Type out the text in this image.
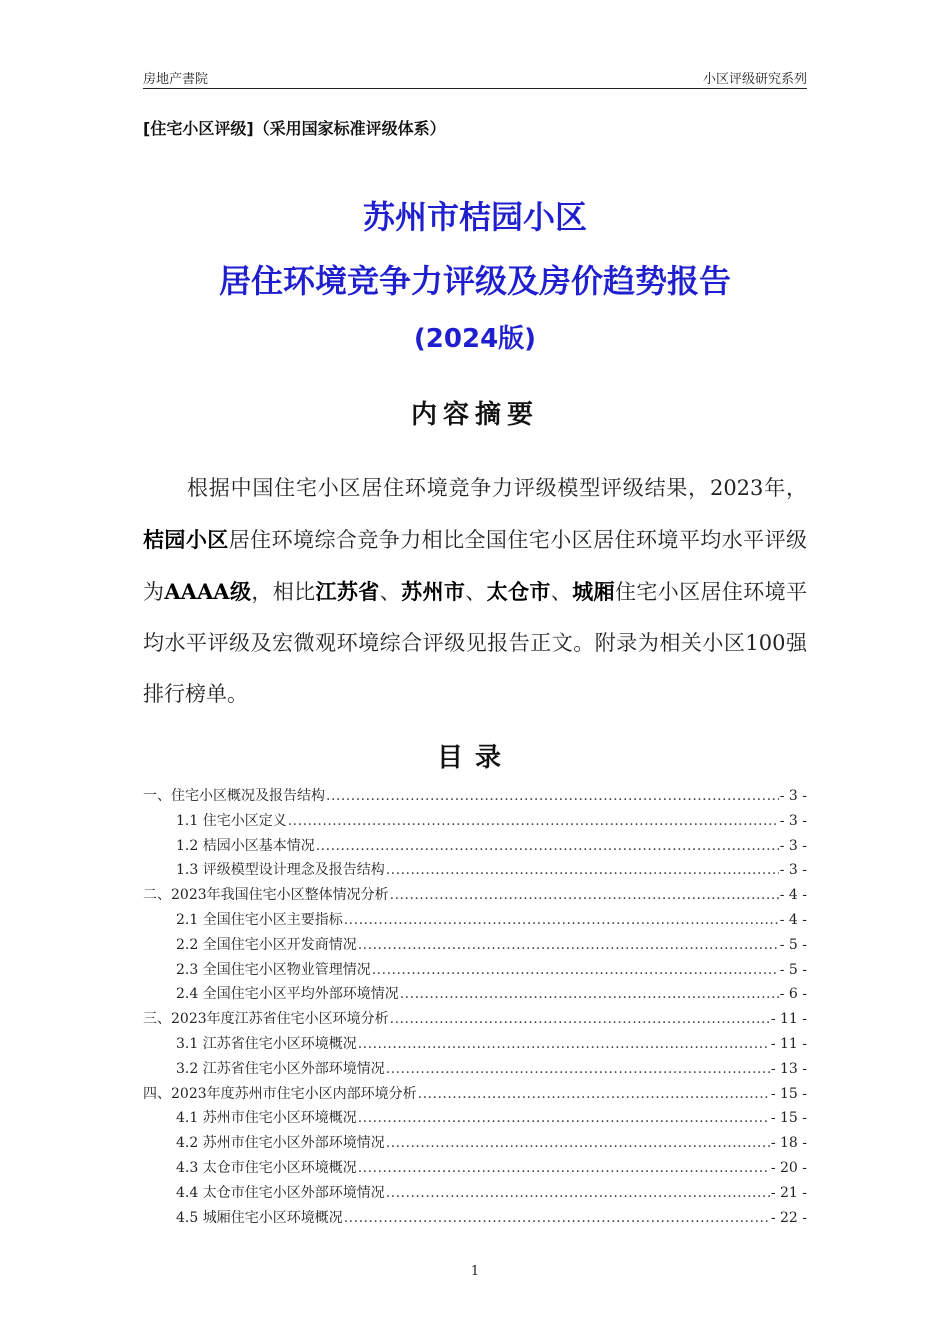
房地产書院	小区评级研究系列
[住宅小区评级]（采用国家标准评级体系）
苏州市桔园小区
居住环境竞争力评级及房价趋势报告
(2024版)
内容摘要

根据中国住宅小区居住环境竞争力评级模型评级结果，2023年，桔园小区居住环境综合竞争力相比全国住宅小区居住环境平均水平评级为AAAA级，相比江苏省、苏州市、太仓市、城厢住宅小区居住环境平均水平评级及宏微观环境综合评级见报告正文。附录为相关小区100强排行榜单。

目录
一、住宅小区概况及报告结构 .....	- 3 -
1.1 住宅小区定义 .....	- 3 -
1.2 桔园小区基本情况 .....	- 3 -
1.3 评级模型设计理念及报告结构 .....	- 3 -
二、2023年我国住宅小区整体情况分析 .....	- 4 -
2.1 全国住宅小区主要指标 .....	- 4 -
2.2 全国住宅小区开发商情况 .....	- 5 -
2.3 全国住宅小区物业管理情况 .....	- 5 -
2.4 全国住宅小区平均外部环境情况 .....	- 6 -
三、2023年度江苏省住宅小区环境分析 .....	- 11 -
3.1 江苏省住宅小区环境概况 .....	- 11 -
3.2 江苏省住宅小区外部环境情况 .....	- 13 -
四、2023年度苏州市住宅小区内部环境分析 .....	- 15 -
4.1 苏州市住宅小区环境概况 .....	- 15 -
4.2 苏州市住宅小区外部环境情况 .....	- 18 -
4.3 太仓市住宅小区环境概况 .....	- 20 -
4.4 太仓市住宅小区外部环境情况 .....	- 21 -
4.5 城厢住宅小区环境概况 .....	- 22 -
1
